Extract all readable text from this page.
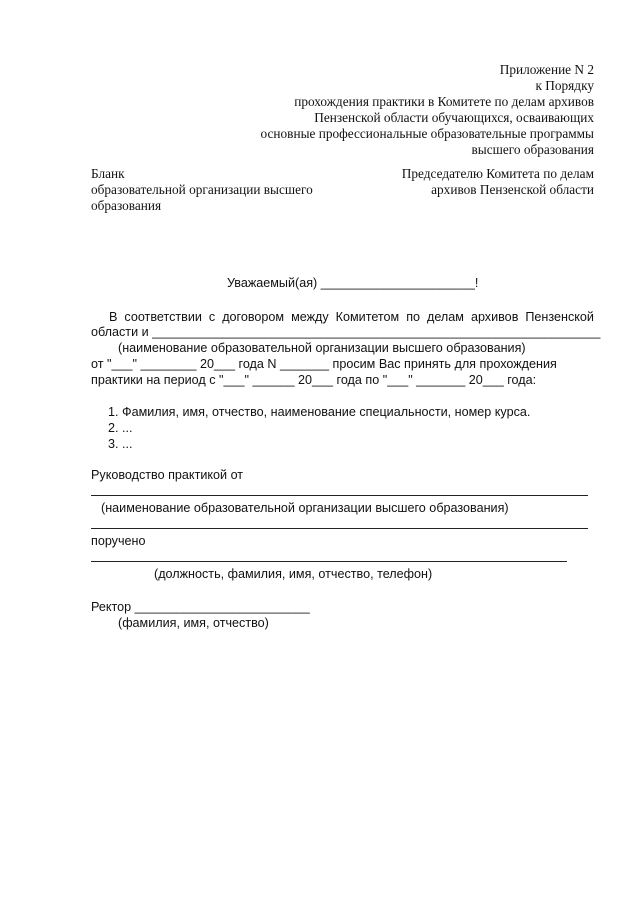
Приложение N 2
к Порядку
прохождения практики в Комитете по делам архивов
Пензенской области обучающихся, осваивающих
основные профессиональные образовательные программы
высшего образования
Бланк
образовательной организации высшего
образования
Председателю Комитета по делам
архивов Пензенской области
Уважаемый(ая) ______________________!
В соответствии с договором между Комитетом по делам архивов Пензенской
области и ________________________________________________________________
(наименование образовательной организации высшего образования)
от "___" ________ 20___ года N _______ просим Вас принять для прохождения
практики на период с "___" ______ 20___ года по "___" _______ 20___ года:
1. Фамилия, имя, отчество, наименование специальности, номер курса.
2. ...
3. ...
Руководство практикой от
(наименование образовательной организации высшего образования)
поручено
(должность, фамилия, имя, отчество, телефон)
Ректор _________________________
(фамилия, имя, отчество)
